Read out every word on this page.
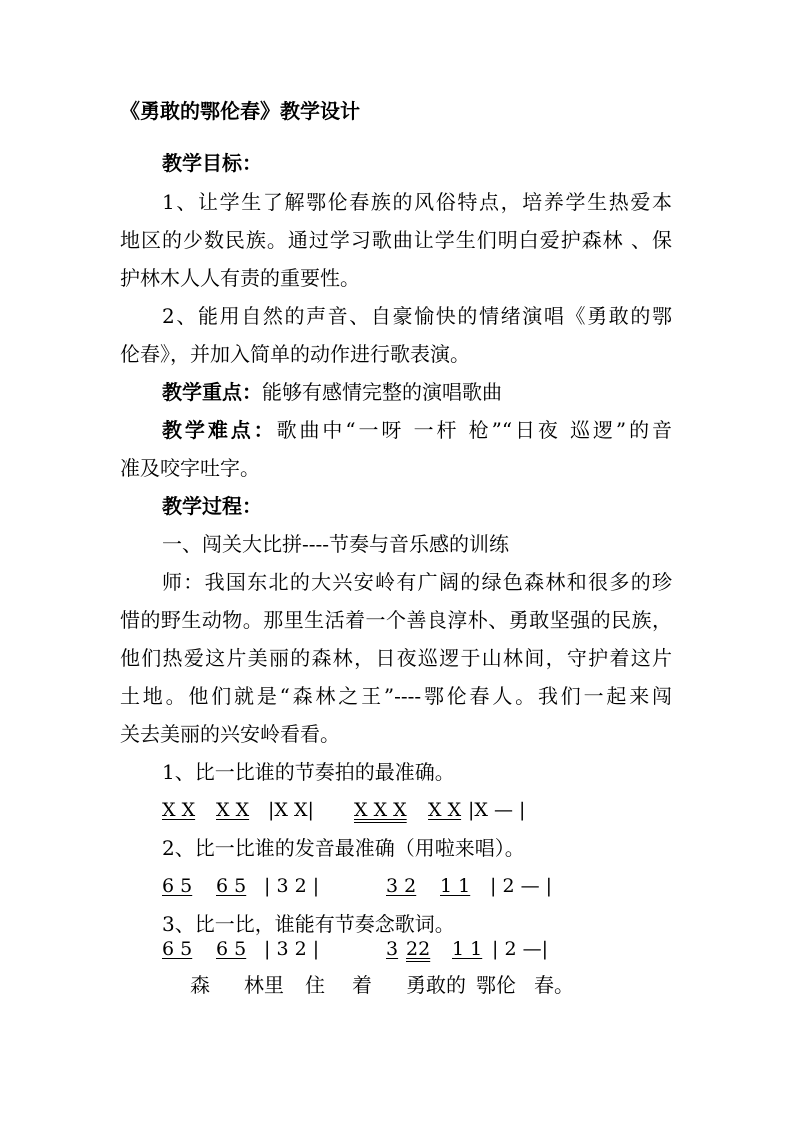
《勇敢的鄂伦春》教学设计
教学目标：
1、让学生了解鄂伦春族的风俗特点，培养学生热爱本
地区的少数民族。通过学习歌曲让学生们明白爱护森林 、保
护林木人人有责的重要性。
2、能用自然的声音、自豪愉快的情绪演唱《勇敢的鄂
伦春》，并加入简单的动作进行歌表演。
教学重点：能够有感情完整的演唱歌曲
教学难点：歌曲中“一呀 一杆 枪”“日夜 巡逻”的音
准及咬字吐字。
教学过程：
一、闯关大比拼----节奏与音乐感的训练
师：我国东北的大兴安岭有广阔的绿色森林和很多的珍
惜的野生动物。那里生活着一个善良淳朴、勇敢坚强的民族，
他们热爱这片美丽的森林，日夜巡逻于山林间，守护着这片
土地。他们就是“森林之王”----鄂伦春人。我们一起来闯
关去美丽的兴安岭看看。
1、比一比谁的节奏拍的最准确。
X X X X |X X| X X X X X |X — |
2、比一比谁的发音最准确（用啦来唱）。
6 5 6 5 | 3 2 |	3 2 1 1 | 2 — |
3、比一比，谁能有节奏念歌词。
6 5 6 5 | 3 2 |	3 22 1 1 | 2 —|
森 林里 住 着 勇敢的 鄂伦 春。
